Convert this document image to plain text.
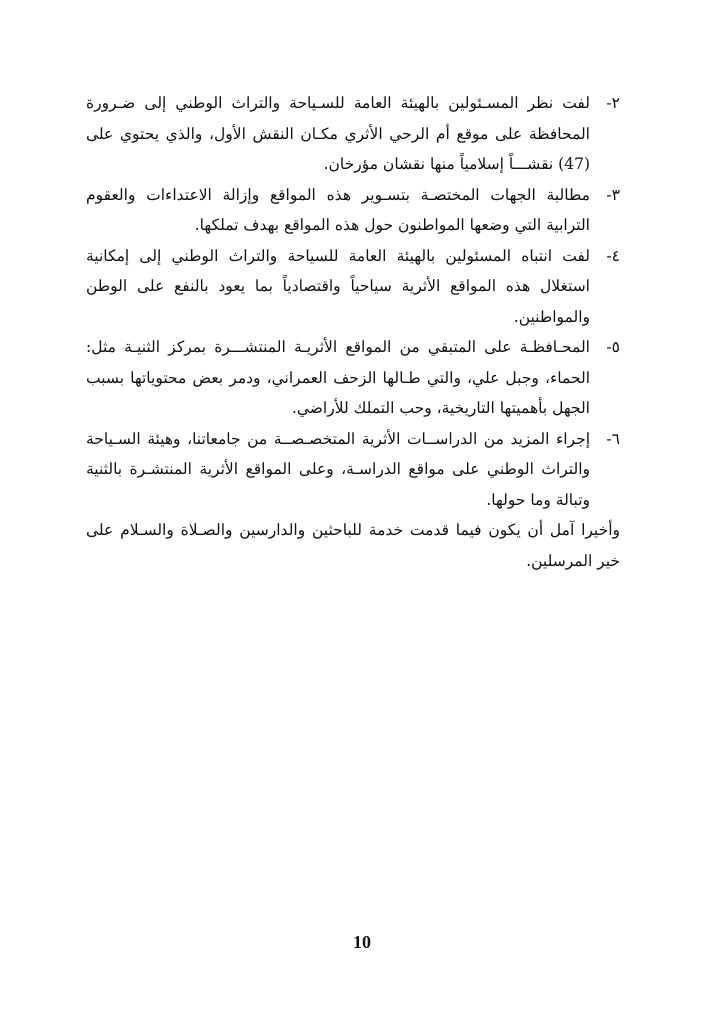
٢-
لفت نظر المسـئولين بالهيئة العامة للسـياحة والتراث الوطني إلى ضـرورة المحافظة على موقع أم الرحي الأثري مكـان النقش الأول، والذي يحتوي على (47) نقشـــاً إسلامياً منها نقشان مؤرخان.

٣-
مطالبة الجهات المختصـة بتسـوير هذه المواقع وإزالة الاعتداءات والعقوم الترابية التي وضعها المواطنون حول هذه المواقع بهدف تملكها.

٤-
لفت انتباه المسئولين بالهيئة العامة للسياحة والتراث الوطني إلى إمكانية استغلال هذه المواقع الأثرية سياحياً واقتصادياً بما يعود بالنفع على الوطن والمواطنين.

٥-
المحـافظـة على المتبقي من المواقع الأثريـة المنتشـــرة بمركز الثنيـة مثل: الحماء، وجبل علي، والتي طـالها الزحف العمراني، ودمر بعض محتوياتها بسبب الجهل بأهميتها التاريخية، وحب التملك للأراضي.

٦-
إجراء المزيد من الدراســات الأثرية المتخصـصــة من جامعاتنا، وهيئة السـياحة والتراث الوطني على مواقع الدراسـة، وعلى المواقع الأثرية المنتشـرة بالثنية وتبالة وما حولها.

وأخيرا آمل أن يكون فيما قدمت خدمة للباحثين والدارسين والصـلاة والسـلام على خير المرسلين.

10
